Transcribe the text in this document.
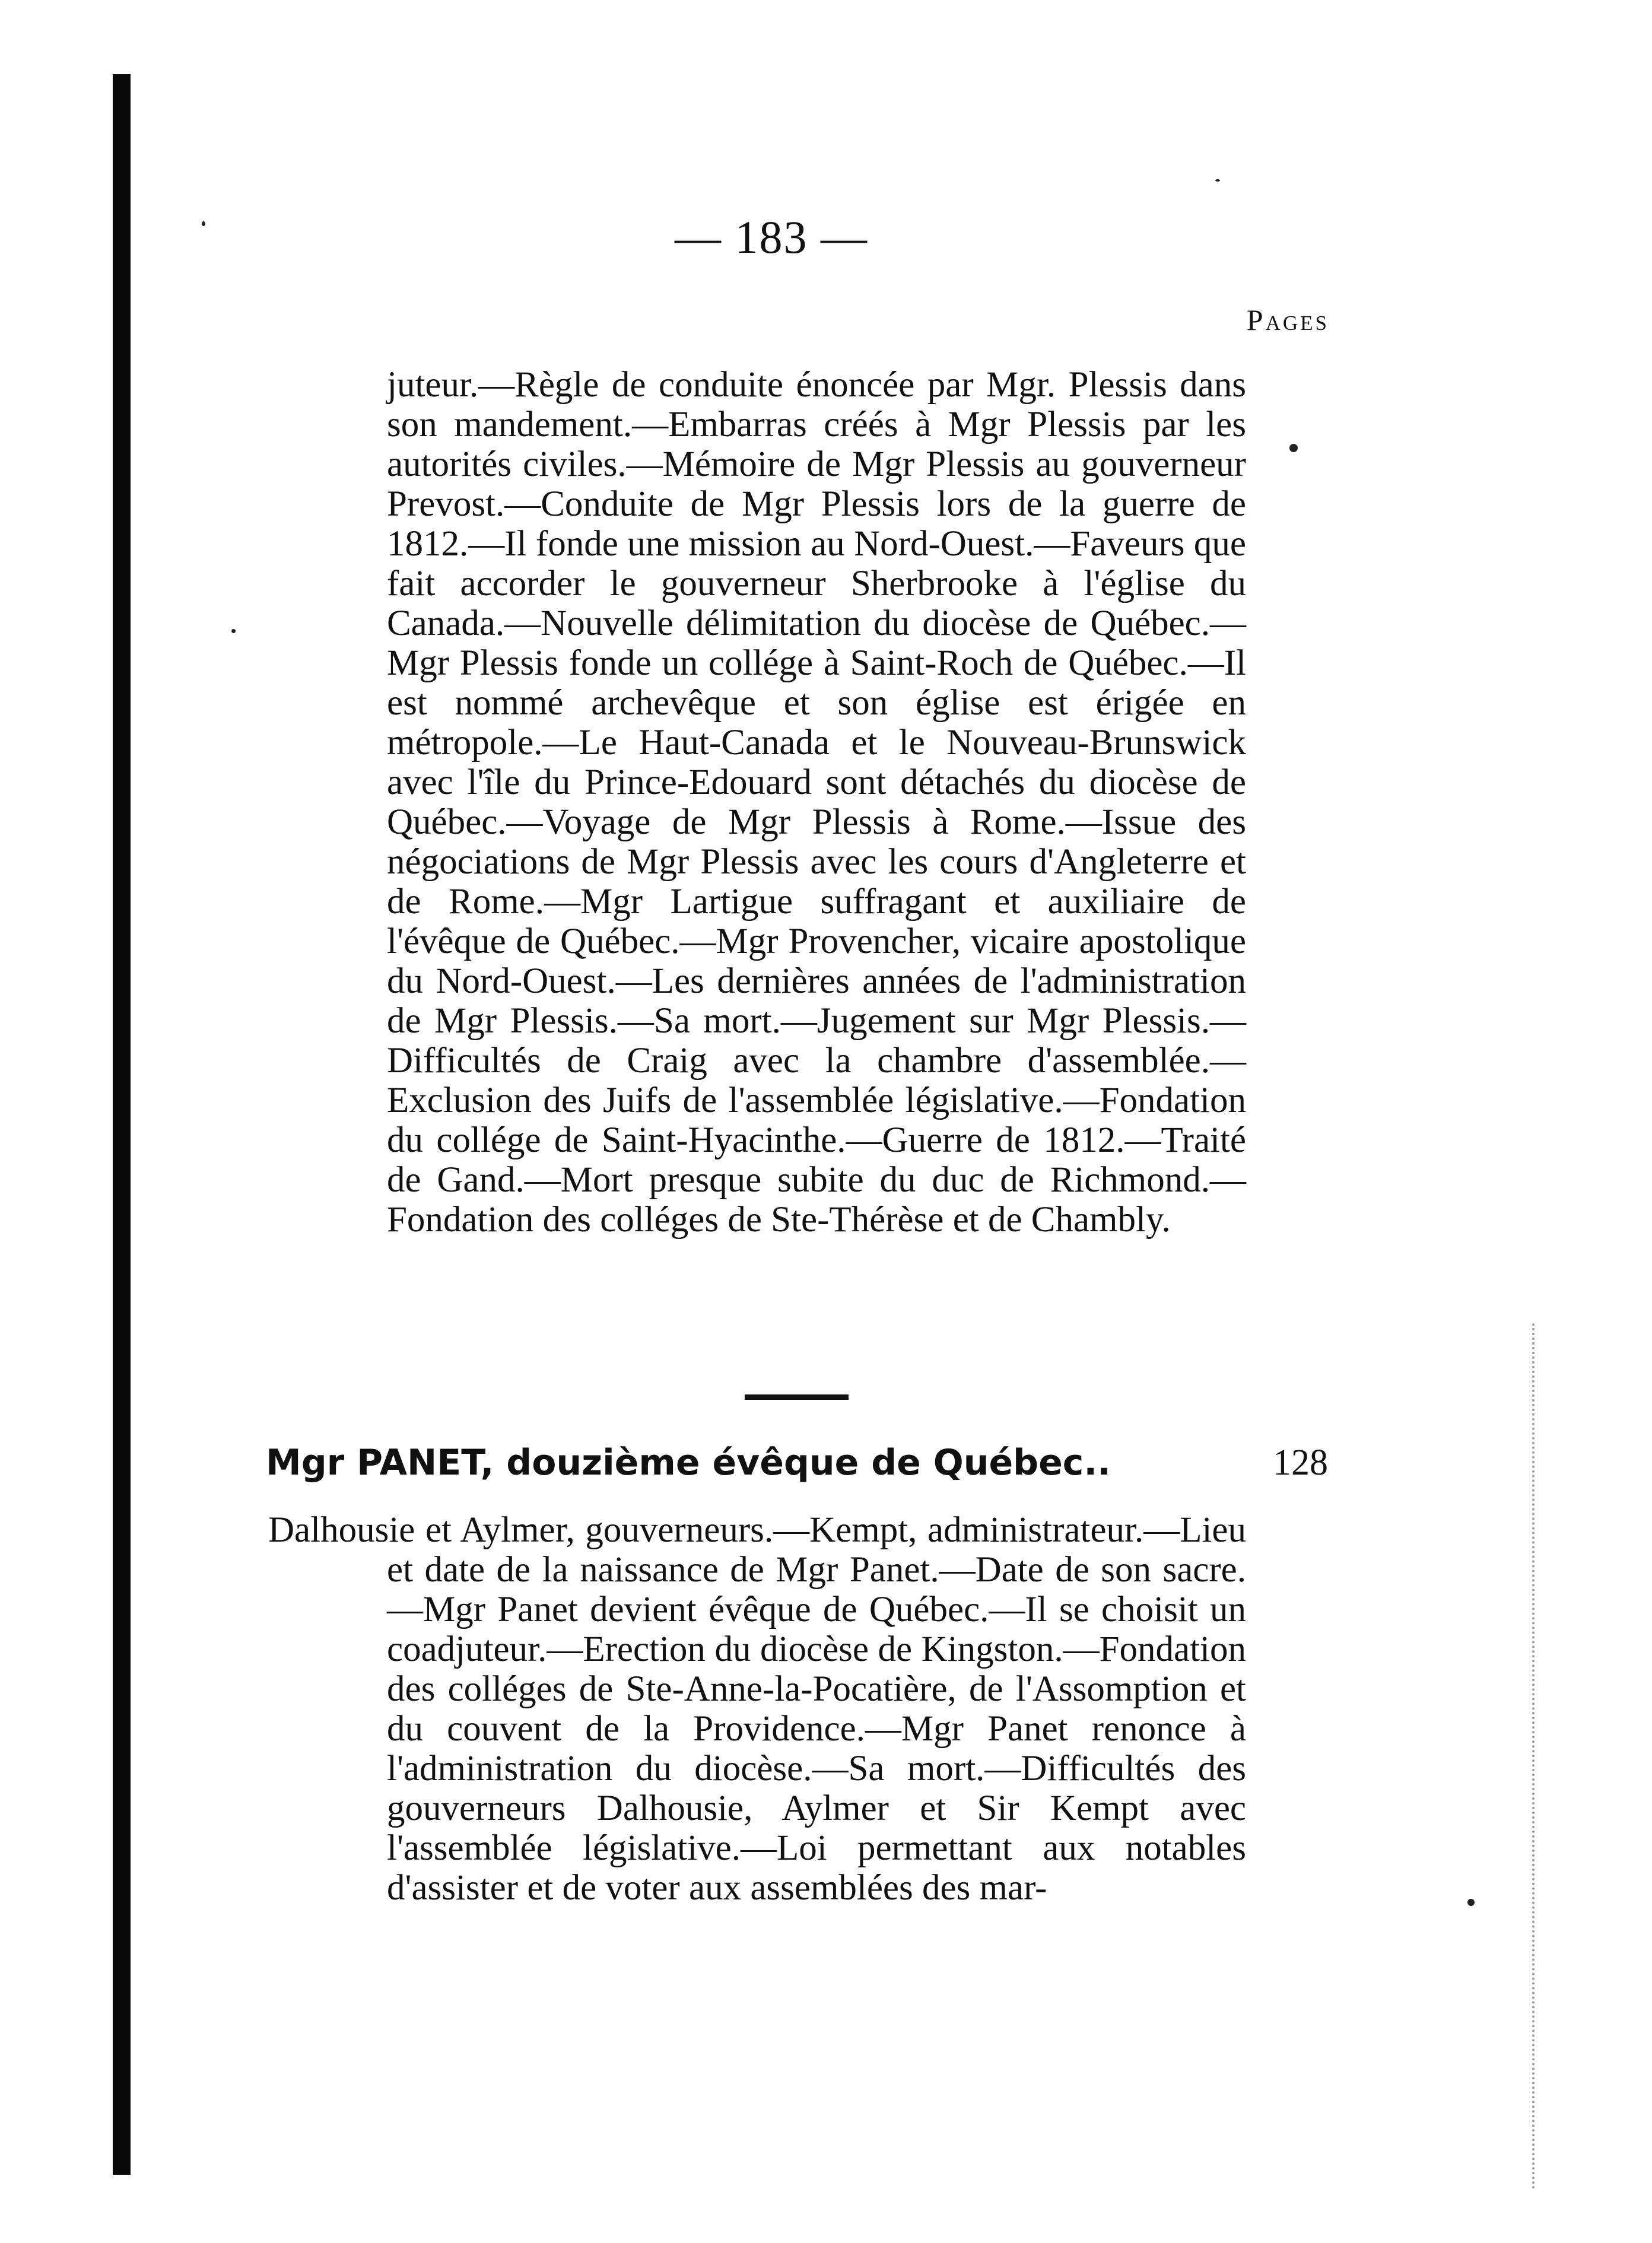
— 183 —
Pages
juteur.—Règle de conduite énoncée par Mgr. Plessis dans son mandement.—Embarras créés à Mgr Plessis par les autorités civiles.—Mémoire de Mgr Plessis au gouverneur Prevost.—Conduite de Mgr Plessis lors de la guerre de 1812.—Il fonde une mission au Nord-Ouest.—Faveurs que fait accorder le gouverneur Sherbrooke à l'église du Canada.—Nouvelle délimitation du diocèse de Québec.—Mgr Plessis fonde un collége à Saint-Roch de Québec.—Il est nommé archevêque et son église est érigée en métropole.—Le Haut-Canada et le Nouveau-Brunswick avec l'île du Prince-Edouard sont détachés du diocèse de Québec.—Voyage de Mgr Plessis à Rome.—Issue des négociations de Mgr Plessis avec les cours d'Angleterre et de Rome.—Mgr Lartigue suffragant et auxiliaire de l'évêque de Québec.—Mgr Provencher, vicaire apostolique du Nord-Ouest.—Les dernières années de l'administration de Mgr Plessis.—Sa mort.—Jugement sur Mgr Plessis.—Difficultés de Craig avec la chambre d'assemblée.—Exclusion des Juifs de l'assemblée législative.—Fondation du collége de Saint-Hyacinthe.—Guerre de 1812.—Traité de Gand.—Mort presque subite du duc de Richmond.—Fondation des colléges de Ste-Thérèse et de Chambly.
Mgr PANET, douzième évêque de Québec..	128
Dalhousie et Aylmer, gouverneurs.—Kempt, administrateur.—Lieu et date de la naissance de Mgr Panet.—Date de son sacre.—Mgr Panet devient évêque de Québec.—Il se choisit un coadjuteur.—Erection du diocèse de Kingston.—Fondation des colléges de Ste-Anne-la-Pocatière, de l'Assomption et du couvent de la Providence.—Mgr Panet renonce à l'administration du diocèse.—Sa mort.—Difficultés des gouverneurs Dalhousie, Aylmer et Sir Kempt avec l'assemblée législative.—Loi permettant aux notables d'assister et de voter aux assemblées des mar-
